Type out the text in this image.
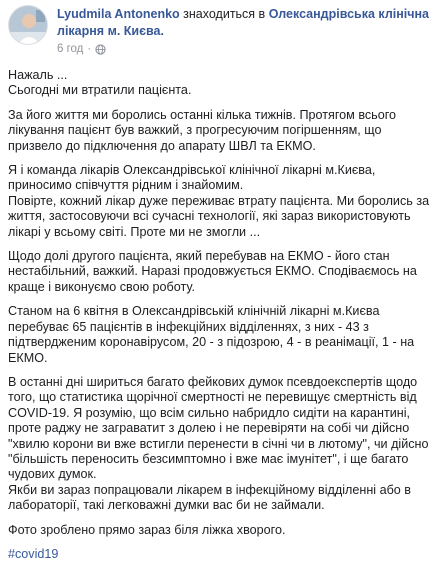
Lyudmila Antonenko знаходиться в Олександрівська клінічна лікарня м. Києва.
6 год ·

Нажаль ...
Сьогодні ми втратили пацієнта.

За його життя ми боролись останні кілька тижнів. Протягом всього лікування пацієнт був важкий, з прогресуючим погіршенням, що призвело до підключення до апарату ШВЛ та ЕКМО.

Я і команда лікарів Олександрівської клінічної лікарні м.Києва, приносимо співчуття рідним і знайомим.
Повірте, кожний лікар дуже переживає втрату пацієнта. Ми боролись за життя, застосовуючи всі сучасні технології, які зараз використовують лікарі у всьому світі. Проте ми не змогли ...

Щодо долі другого пацієнта, який перебував на ЕКМО - його стан нестабільний, важкий. Наразі продовжується ЕКМО. Сподіваємось на краще і виконуємо свою роботу.

Станом на 6 квітня в Олександрівській клінічній лікарні м.Києва перебуває 65 пацієнтів в інфекційних відділеннях, з них - 43 з підтвердженим коронавірусом, 20 - з підозрою, 4 - в реанімації, 1 - на ЕКМО.

В останні дні шириться багато фейкових думок псевдоекспертів щодо того, що статистика щорічної смертності не перевищує смертність від COVID-19. Я розумію, що всім сильно набридло сидіти на карантині, проте раджу не заграватит з долею і не перевіряти на собі чи дійсно "хвилю корони ви вже встигли перенести в січні чи в лютому", чи дійсно "більшість переносить безсимптомно і вже має імунітет", і ще багато чудових думок.
Якби ви зараз попрацювали лікарем в інфекційному відділенні або в лабораторії, такі легковажні думки вас би не займали.

Фото зроблено прямо зараз біля ліжка хворого.

#covid19
